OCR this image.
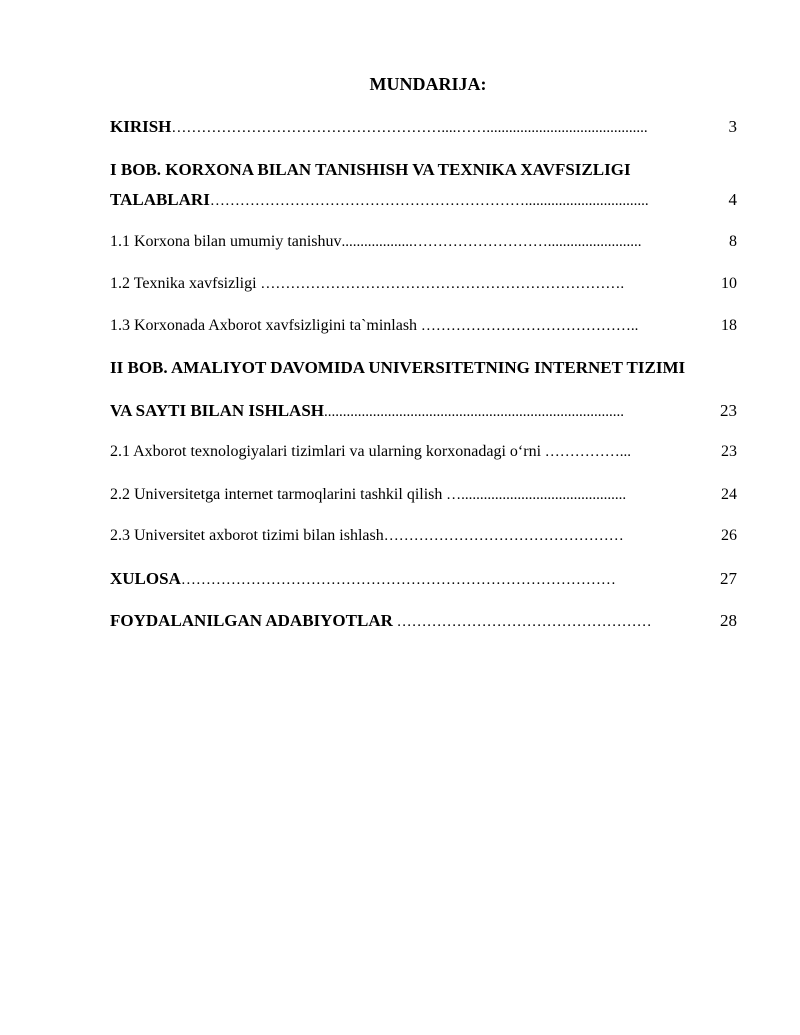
MUNDARIJA:
KIRISH………………………………………………....……...........................................	3
I BOB. KORXONA BILAN TANISHISH VA TEXNIKA XAVFSIZLIGI
TALABLARI……………………………………………………….................................	4
1.1 Korxona bilan umumiy tanishuv...................……………………….........................	8
1.2 Texnika xavfsizligi ……………………………………………………………….	10
1.3 Korxonada Axborot xavfsizligini ta`minlash ……………………………………..	18
II BOB. AMALIYOT DAVOMIDA UNIVERSITETNING INTERNET TIZIMI
VA SAYTI BILAN ISHLASH................................................................................	23
2.1 Axborot texnologiyalari tizimlari va ularning korxonadagi o‘rni ……………...	23
2.2 Universitetga internet tarmoqlarini tashkil qilish …............................................	24
2.3 Universitet axborot tizimi bilan ishlash…………………………………………	26
XULOSA……………………………………………………………………………	27
FOYDALANILGAN ADABIYOTLAR ……………………………………………	28
